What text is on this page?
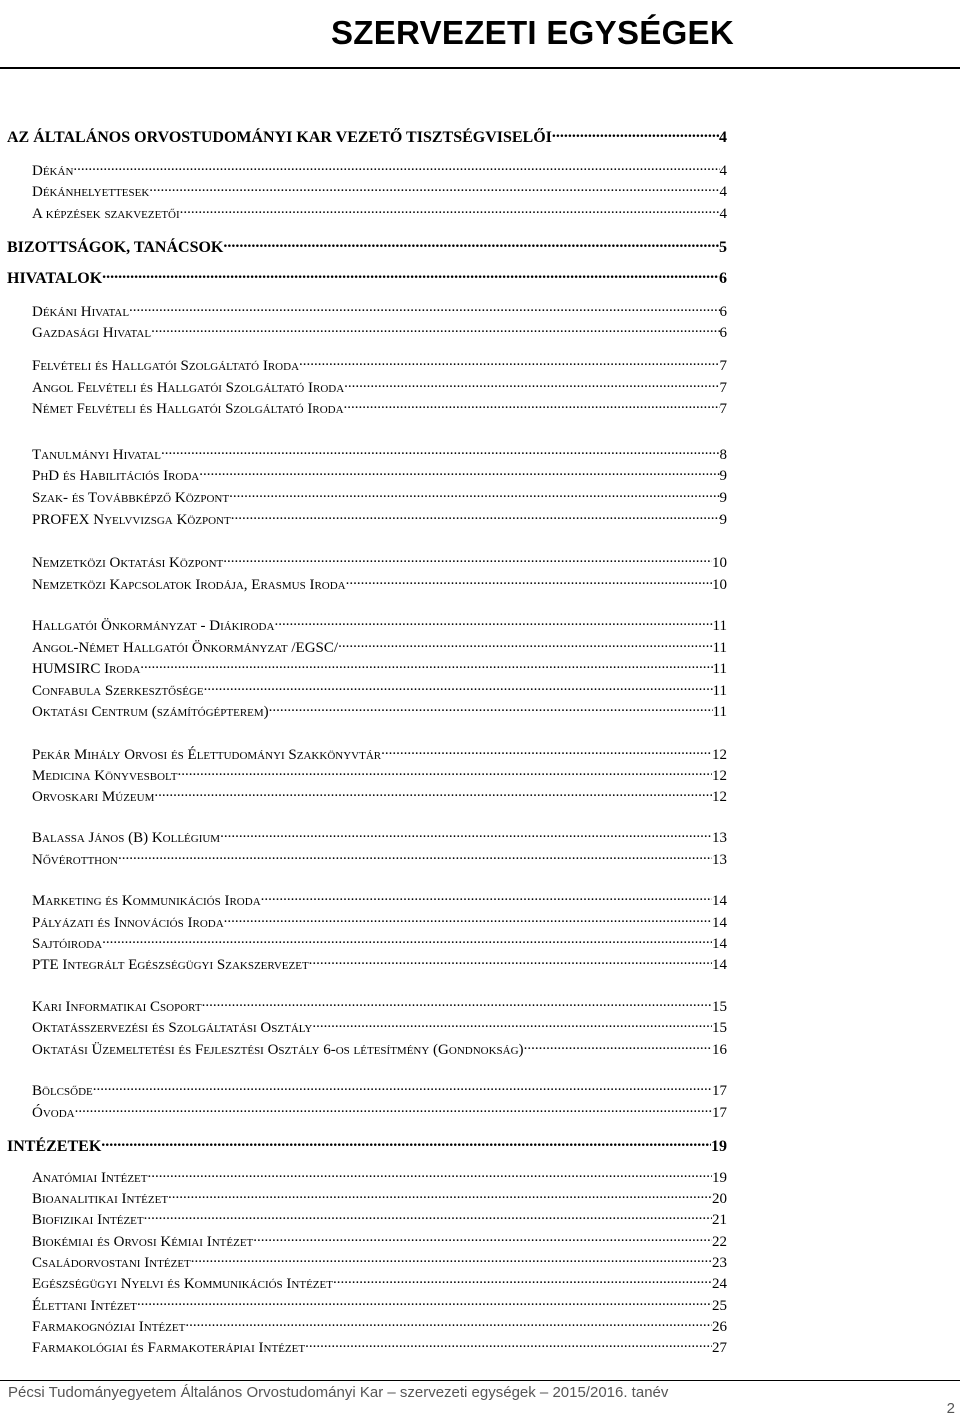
SZERVEZETI EGYSÉGEK
AZ ÁLTALÁNOS ORVOSTUDOMÁNYI KAR VEZETŐ TISZTSÉGVISELŐI .....	4
Dékán .....	4
Dékánhelyettesek .....	4
A képzések szakvezetői .....	4
BIZOTTSÁGOK, TANÁCSOK .....	5
HIVATALOK .....	6
Dékáni Hivatal .....	6
Gazdasági Hivatal .....	6
Felvételi és Hallgatói Szolgáltató Iroda .....	7
Angol Felvételi és Hallgatói Szolgáltató Iroda .....	7
Német Felvételi és Hallgatói Szolgáltató Iroda .....	7
Tanulmányi Hivatal .....	8
PhD és Habilitációs Iroda .....	9
Szak- és Továbbképző Központ .....	9
PROFEX Nyelvvizsga Központ .....	9
Nemzetközi Oktatási Központ .....	10
Nemzetközi Kapcsolatok Irodája, Erasmus Iroda .....	10
Hallgatói Önkormányzat - Diákiroda .....	11
Angol-Német Hallgatói Önkormányzat /EGSC/ .....	11
HUMSIRC Iroda .....	11
Confabula Szerkesztősége .....	11
Oktatási Centrum (számítógépterem) .....	11
Pekár Mihály Orvosi és Élettudományi Szakkönyvtár .....	12
Medicina Könyvesbolt .....	12
Orvoskari Múzeum .....	12
Balassa János (B) Kollégium .....	13
Nővérotthon .....	13
Marketing és Kommunikációs Iroda .....	14
Pályázati és Innovációs Iroda .....	14
Sajtóiroda .....	14
PTE Integrált Egészségügyi Szakszervezet .....	14
Kari Informatikai Csoport .....	15
Oktatásszervezési és Szolgáltatási Osztály .....	15
Oktatási Üzemeltetési és Fejlesztési Osztály 6-os létesítmény (Gondnokság) .....	16
Bölcsőde .....	17
Óvoda .....	17
INTÉZETEK .....	19
Anatómiai Intézet .....	19
Bioanalitikai Intézet .....	20
Biofizikai Intézet .....	21
Biokémiai és Orvosi Kémiai Intézet .....	22
Családorvostani Intézet .....	23
Egészségügyi Nyelvi és Kommunikációs Intézet .....	24
Élettani Intézet .....	25
Farmakognóziai Intézet .....	26
Farmakológiai és Farmakoterápiai Intézet .....	27
Pécsi Tudományegyetem Általános Orvostudományi Kar – szervezeti egységek – 2015/2016. tanév
2
